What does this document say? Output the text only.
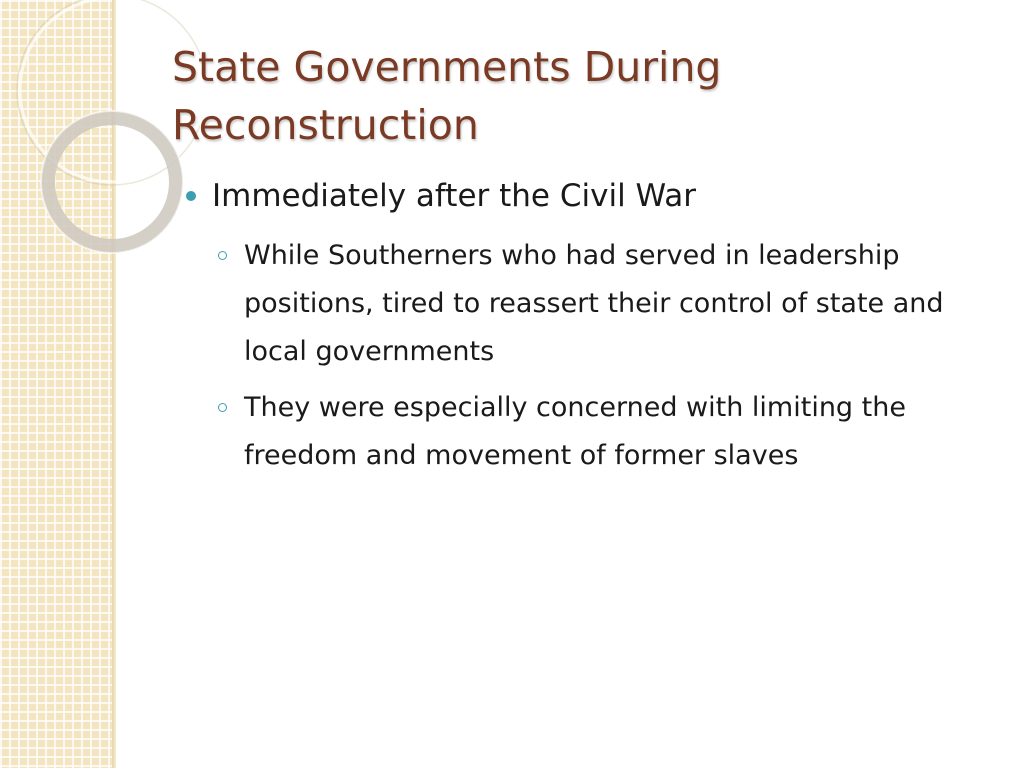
State Governments During Reconstruction
Immediately after the Civil War
While Southerners who had served in leadership positions, tired to reassert their control of state and local governments
They were especially concerned with limiting the freedom and movement of former slaves
